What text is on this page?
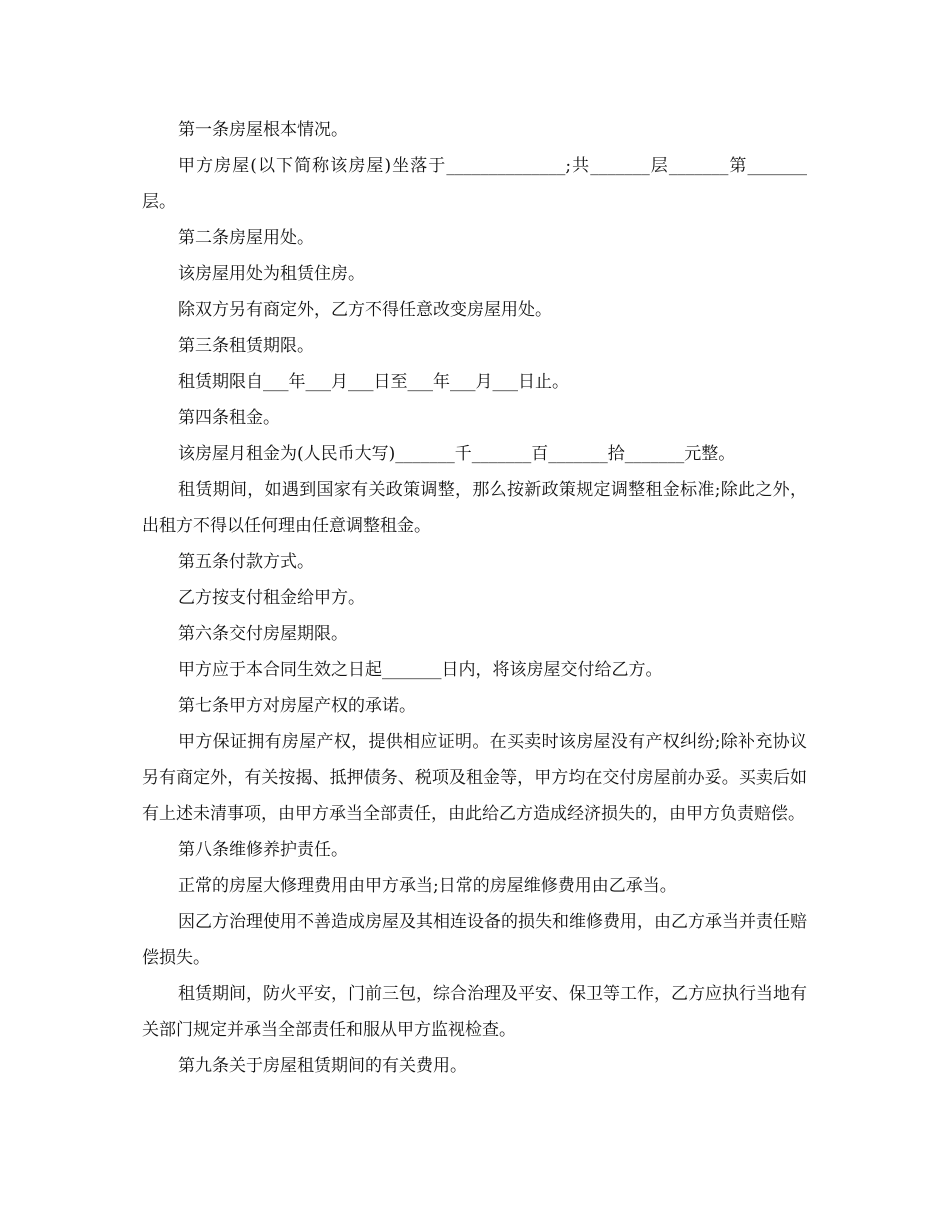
第一条房屋根本情况。

甲方房屋(以下简称该房屋)坐落于______________;共_______层_______第_______层。

第二条房屋用处。

该房屋用处为租赁住房。

除双方另有商定外，乙方不得任意改变房屋用处。

第三条租赁期限。

租赁期限自___年___月___日至___年___月___日止。

第四条租金。

该房屋月租金为(人民币大写)_______千_______百_______拾_______元整。

租赁期间，如遇到国家有关政策调整，那么按新政策规定调整租金标准;除此之外，出租方不得以任何理由任意调整租金。

第五条付款方式。

乙方按支付租金给甲方。

第六条交付房屋期限。

甲方应于本合同生效之日起_______日内，将该房屋交付给乙方。

第七条甲方对房屋产权的承诺。

甲方保证拥有房屋产权，提供相应证明。在买卖时该房屋没有产权纠纷;除补充协议另有商定外，有关按揭、抵押债务、税项及租金等，甲方均在交付房屋前办妥。买卖后如有上述未清事项，由甲方承当全部责任，由此给乙方造成经济损失的，由甲方负责赔偿。

第八条维修养护责任。

正常的房屋大修理费用由甲方承当;日常的房屋维修费用由乙承当。

因乙方治理使用不善造成房屋及其相连设备的损失和维修费用，由乙方承当并责任赔偿损失。

租赁期间，防火平安，门前三包，综合治理及平安、保卫等工作，乙方应执行当地有关部门规定并承当全部责任和服从甲方监视检查。

第九条关于房屋租赁期间的有关费用。
